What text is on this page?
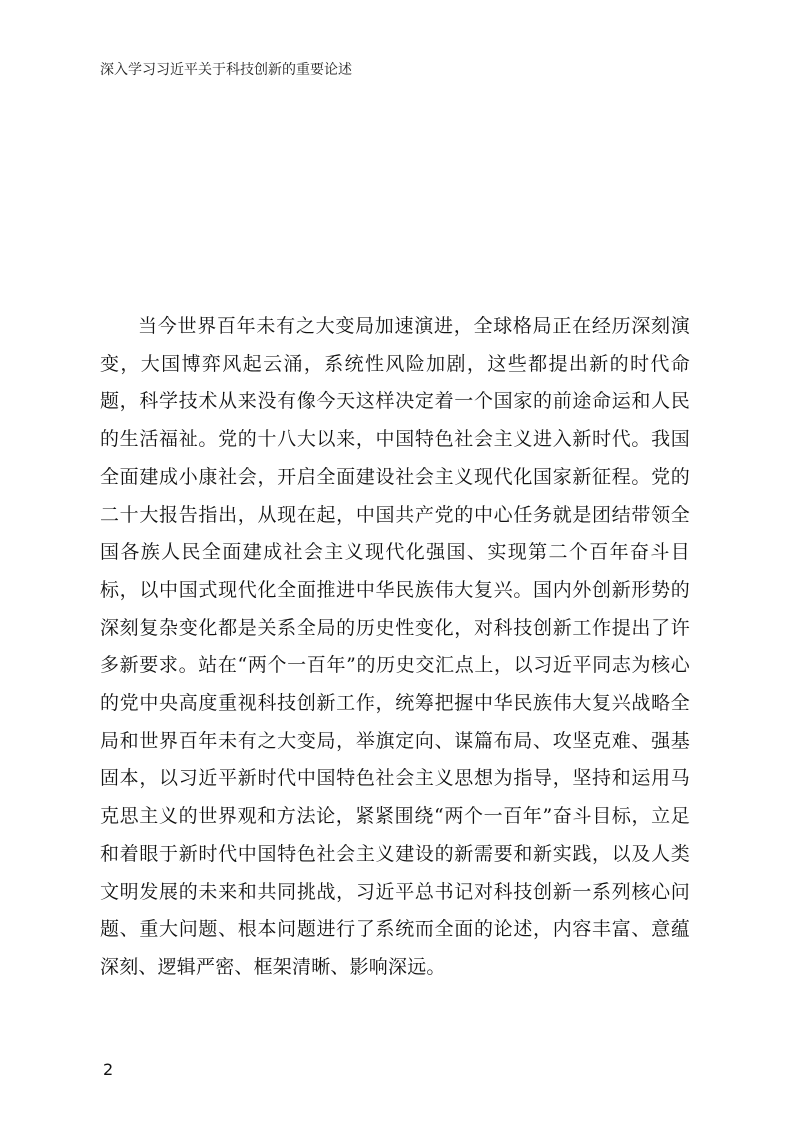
深入学习习近平关于科技创新的重要论述

当今世界百年未有之大变局加速演进，全球格局正在经历深刻演变，大国博弈风起云涌，系统性风险加剧，这些都提出新的时代命题，科学技术从来没有像今天这样决定着一个国家的前途命运和人民的生活福祉。党的十八大以来，中国特色社会主义进入新时代。我国全面建成小康社会，开启全面建设社会主义现代化国家新征程。党的二十大报告指出，从现在起，中国共产党的中心任务就是团结带领全国各族人民全面建成社会主义现代化强国、实现第二个百年奋斗目标，以中国式现代化全面推进中华民族伟大复兴。国内外创新形势的深刻复杂变化都是关系全局的历史性变化，对科技创新工作提出了许多新要求。站在“两个一百年”的历史交汇点上，以习近平同志为核心的党中央高度重视科技创新工作，统筹把握中华民族伟大复兴战略全局和世界百年未有之大变局，举旗定向、谋篇布局、攻坚克难、强基固本，以习近平新时代中国特色社会主义思想为指导，坚持和运用马克思主义的世界观和方法论，紧紧围绕“两个一百年”奋斗目标，立足和着眼于新时代中国特色社会主义建设的新需要和新实践，以及人类文明发展的未来和共同挑战，习近平总书记对科技创新一系列核心问题、重大问题、根本问题进行了系统而全面的论述，内容丰富、意蕴深刻、逻辑严密、框架清晰、影响深远。

2
